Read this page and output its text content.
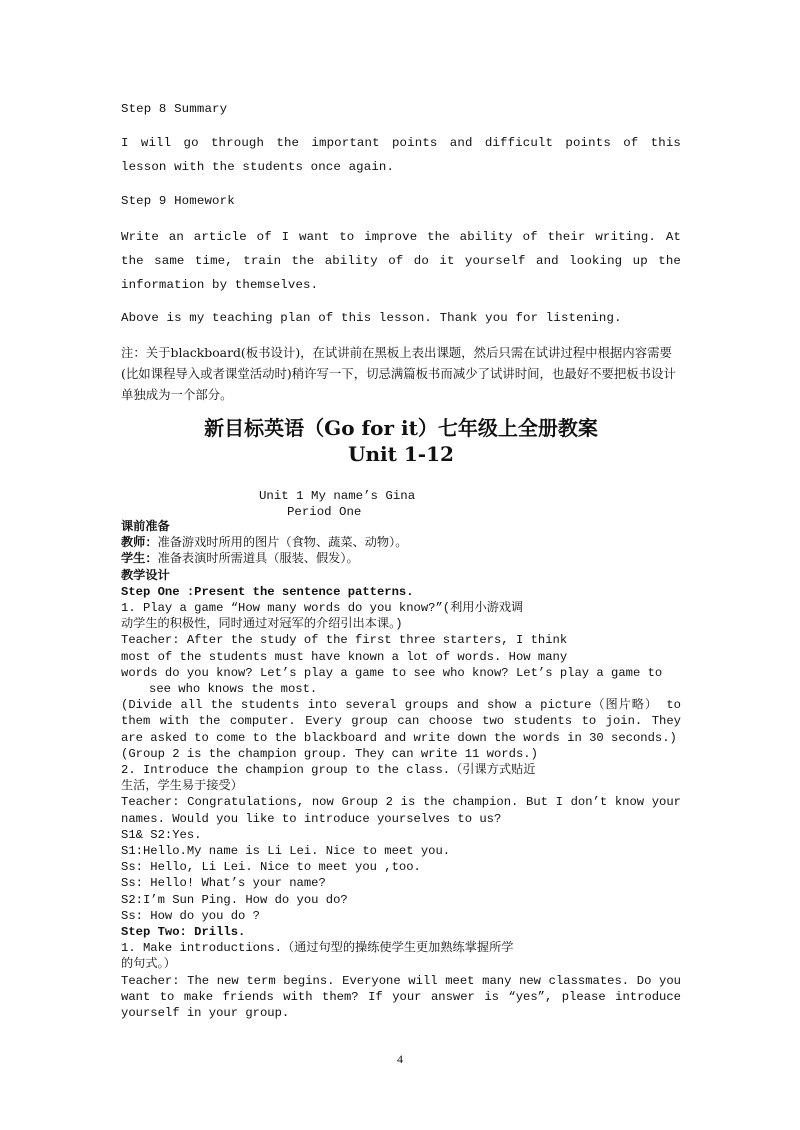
Step 8 Summary

I will go through the important points and difficult points of this lesson with the students once again.

Step 9 Homework

Write an article of I want to improve the ability of their writing. At the same time, train the ability of do it yourself and looking up the information by themselves.

Above is my teaching plan of this lesson. Thank you for listening.

注：关于blackboard(板书设计)，在试讲前在黑板上表出课题，然后只需在试讲过程中根据内容需要(比如课程导入或者课堂活动时)稍许写一下，切忌满篇板书而减少了试讲时间，也最好不要把板书设计单独成为一个部分。

新目标英语（Go for it）七年级上全册教案

Unit 1-12

Unit 1 My name’s Gina

Period One

课前准备
教师：准备游戏时所用的图片（食物、蔬菜、动物）。
学生：准备表演时所需道具（服装、假发）。
教学设计
Step One :Present the sentence patterns.
1. Play a game “How many words do you know?”(利用小游戏调
动学生的积极性，同时通过对冠军的介绍引出本课。)
Teacher: After the study of the first three starters, I think
most of the students must have known a lot of words. How many
words do you know? Let’s play a game to see who know? Let’s play a game to
see who knows the most.
(Divide all the students into several groups and show a picture（图片略） to them with the computer. Every group can choose two students to join. They are asked to come to the blackboard and write down the words in 30 seconds.)
(Group 2 is the champion group. They can write 11 words.)
2. Introduce the champion group to the class.（引课方式贴近
生活，学生易于接受）
Teacher: Congratulations, now Group 2 is the champion. But I don’t know your names. Would you like to introduce yourselves to us?
S1& S2:Yes.
S1:Hello.My name is Li Lei. Nice to meet you.
Ss: Hello, Li Lei. Nice to meet you ,too.
Ss: Hello! What’s your name?
S2:I’m Sun Ping. How do you do?
Ss: How do you do ?
Step Two: Drills.
1. Make introductions.（通过句型的操练使学生更加熟练掌握所学
的句式。）
Teacher: The new term begins. Everyone will meet many new classmates. Do you want to make friends with them? If your answer is “yes”, please introduce yourself in your group.
4
